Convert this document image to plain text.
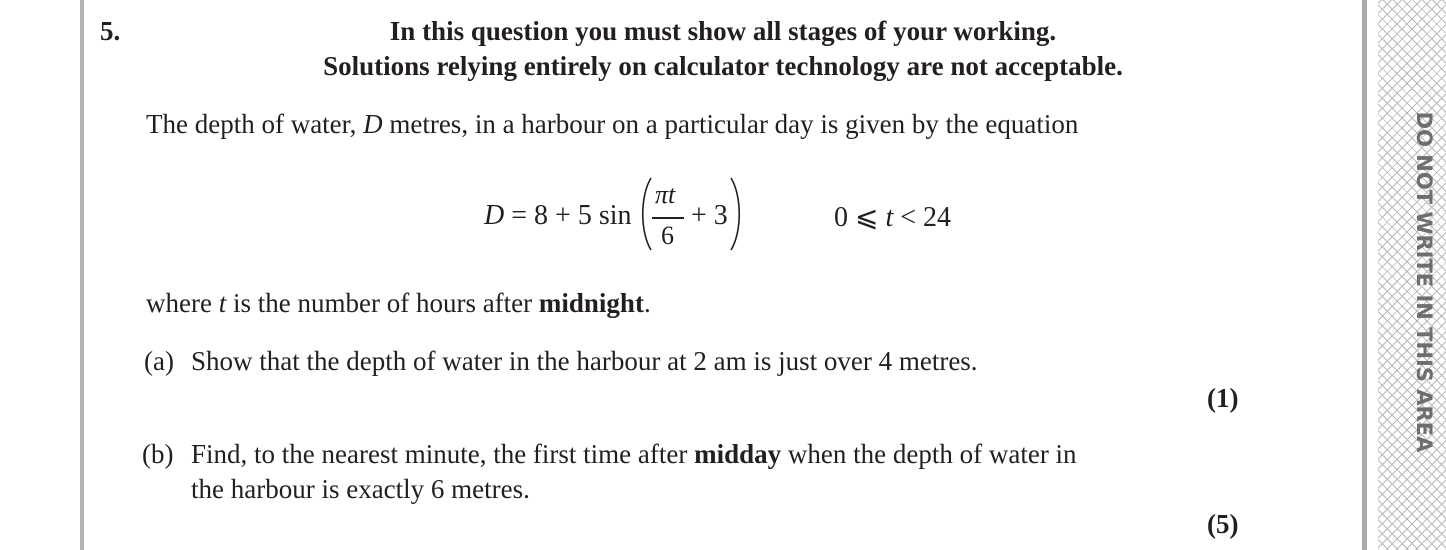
5.	In this question you must show all stages of your working.
Solutions relying entirely on calculator technology are not acceptable.
The depth of water, D metres, in a harbour on a particular day is given by the equation
D = 8 + 5 sin
πt
6
+ 3	0 ⩽ t < 24
where t is the number of hours after midnight.
(a) Show that the depth of water in the harbour at 2 am is just over 4 metres.
(1)
(b) Find, to the nearest minute, the first time after midday when the depth of water in
the harbour is exactly 6 metres.
(5)
DO NOT WRITE IN THIS AREA
